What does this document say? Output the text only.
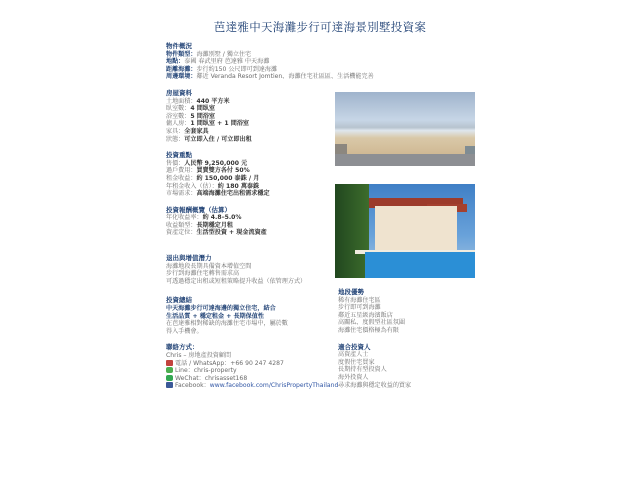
芭達雅中天海灘步行可達海景別墅投資案
物件概況
物件類型：海灘別墅 / 獨立住宅
地點：泰國 春武里府 芭達雅 中天海灘
距離海灘：步行約150 公尺即可到達海灘
周邊環境：鄰近 Veranda Resort Jomtien、海灘住宅社區區、生活機能完善
房屋資料
土地面積：440 平方米
臥室數：4 間臥室
浴室數：5 間浴室
傭人房：1 間臥室 + 1 間浴室
家具：全套家具
狀態：可立即入住 / 可立即出租
投資重點
售價：人民幣 9,250,000 元
過戶費用：買賣雙方各付 50%
租金收益：約 150,000 泰銖 / 月
年租金收入（估）：約 180 萬泰銖
市場需求：高端海灘住宅出租需求穩定
投資報酬概覽（估算）
年化收益率：約 4.8–5.0%
收益類型：長期穩定月租
資產定位：生活型投資 + 現金流資產
退出與增值潛力
海灘地段長期具備資本增值空間
步行到海灘住宅轉售需求高
可透過穩定出租或短租策略提升收益（依管理方式）
投資總結
中天海灘步行可達海邊的獨立住宅，結合
生活品質 + 穩定租金 + 長期保值性
在芭達雅相對稀缺的海灘住宅市場中，屬於數
得入手機會。
聯絡方式：
Chris – 房地產投資顧問
電話 / WhatsApp：+66 90 247 4287
Line：chris-property
WeChat：chrisasset168
Facebook：www.facebook.com/ChrisPropertyThailand
地段優勢
稀有海灘住宅區
步行即可到海灘
鄰近五星級海濱飯店
高關私、度假型社區氛圍
海灘住宅價格極為有限
適合投資人
高資產人士
度假住宅買家
長期持有型投資人
海外投資人
尋求海灘與穩定收益的買家
